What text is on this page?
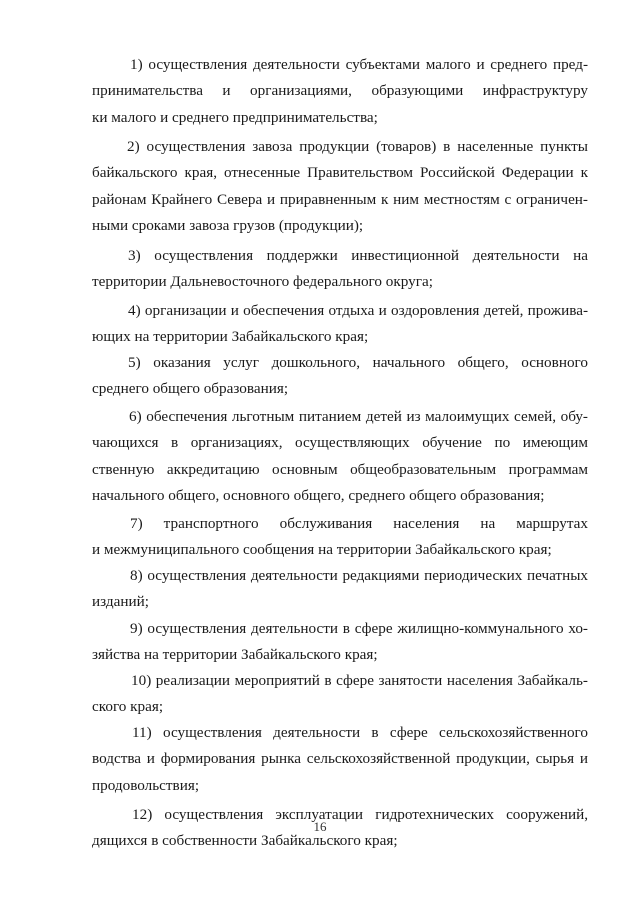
1) осуществления деятельности субъектами малого и среднего пред-
принимательства и организациями, образующими инфраструктуру
ки малого и среднего предпринимательства;
2) осуществления завоза продукции (товаров) в населенные пункты
байкальского края, отнесенные Правительством Российской Федерации к
районам Крайнего Севера и приравненным к ним местностям с ограничен-
ными сроками завоза грузов (продукции);
3) осуществления поддержки инвестиционной деятельности на
территории Дальневосточного федерального округа;
4) организации и обеспечения отдыха и оздоровления детей, прожива-
ющих на территории Забайкальского края;
5) оказания услуг дошкольного, начального общего, основного
среднего общего образования;
6) обеспечения льготным питанием детей из малоимущих семей, обу-
чающихся в организациях, осуществляющих обучение по имеющим
ственную аккредитацию основным общеобразовательным программам
начального общего, основного общего, среднего общего образования;
7) транспортного обслуживания населения на маршрутах
и межмуниципального сообщения на территории Забайкальского края;
8) осуществления деятельности редакциями периодических печатных
изданий;
9) осуществления деятельности в сфере жилищно-коммунального хо-
зяйства на территории Забайкальского края;
10) реализации мероприятий в сфере занятости населения Забайкаль-
ского края;
11) осуществления деятельности в сфере сельскохозяйственного
водства и формирования рынка сельскохозяйственной продукции, сырья и
продовольствия;
12) осуществления эксплуатации гидротехнических сооружений,
дящихся в собственности Забайкальского края;
16
